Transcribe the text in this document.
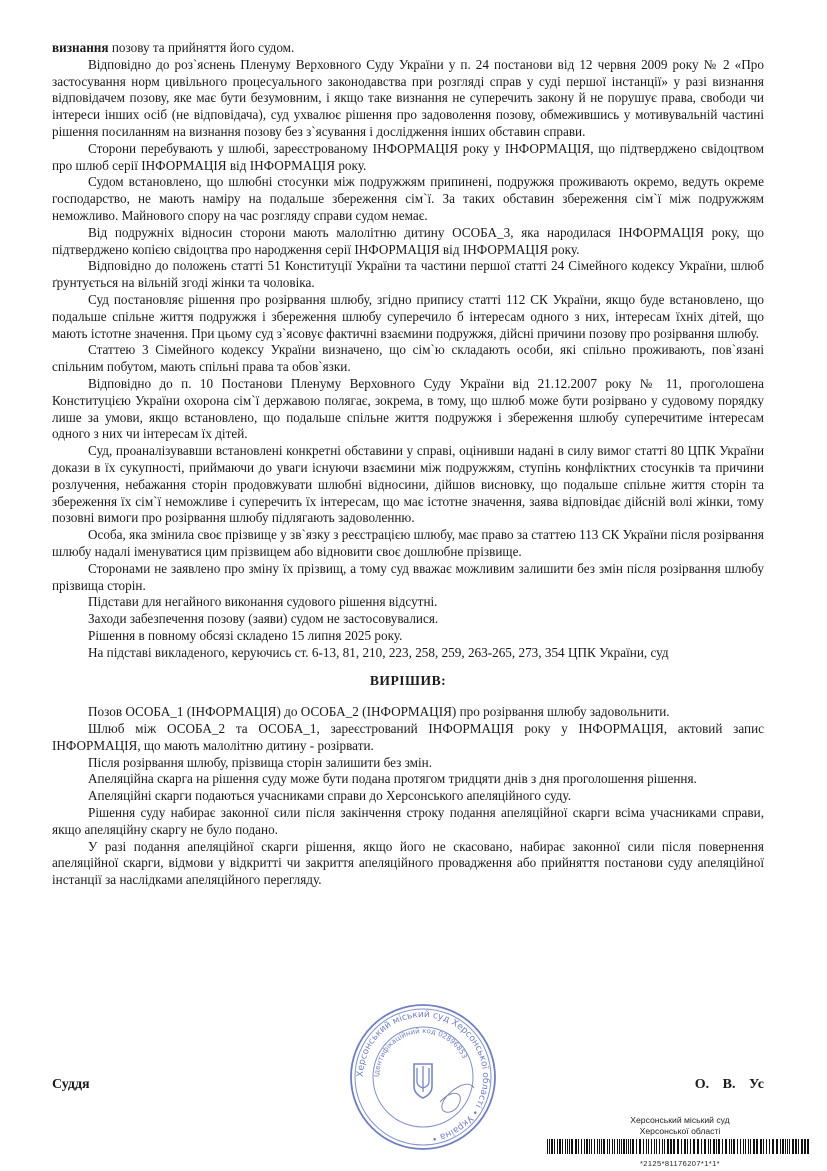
визнання позову та прийняття його судом.

Відповідно до роз`яснень Пленуму Верховного Суду України у п. 24 постанови від 12 червня 2009 року № 2 «Про застосування норм цивільного процесуального законодавства при розгляді справ у суді першої інстанції» у разі визнання відповідачем позову, яке має бути безумовним, і якщо таке визнання не суперечить закону й не порушує права, свободи чи інтереси інших осіб (не відповідача), суд ухвалює рішення про задоволення позову, обмежившись у мотивувальній частині рішення посиланням на визнання позову без з`ясування і дослідження інших обставин справи.

Сторони перебувають у шлюбі, зареєстрованому ІНФОРМАЦІЯ року у ІНФОРМАЦІЯ, що підтверджено свідоцтвом про шлюб серії ІНФОРМАЦІЯ від ІНФОРМАЦІЯ року.

Судом встановлено, що шлюбні стосунки між подружжям припинені, подружжя проживають окремо, ведуть окреме господарство, не мають наміру на подальше збереження сім`ї. За таких обставин збереження сім`ї між подружжям неможливо. Майнового спору на час розгляду справи судом немає.

Від подружніх відносин сторони мають малолітню дитину ОСОБА_3, яка народилася ІНФОРМАЦІЯ року, що підтверджено копією свідоцтва про народження серії ІНФОРМАЦІЯ від ІНФОРМАЦІЯ року.

Відповідно до положень статті 51 Конституції України та частини першої статті 24 Сімейного кодексу України, шлюб ґрунтується на вільній згоді жінки та чоловіка.

Суд постановляє рішення про розірвання шлюбу, згідно припису статті 112 СК України, якщо буде встановлено, що подальше спільне життя подружжя і збереження шлюбу суперечило б інтересам одного з них, інтересам їхніх дітей, що мають істотне значення. При цьому суд з`ясовує фактичні взаємини подружжя, дійсні причини позову про розірвання шлюбу.

Статтею 3 Сімейного кодексу України визначено, що сім`ю складають особи, які спільно проживають, пов`язані спільним побутом, мають спільні права та обов`язки.

Відповідно до п. 10 Постанови Пленуму Верховного Суду України від 21.12.2007 року № 11, проголошена Конституцією України охорона сім`ї державою полягає, зокрема, в тому, що шлюб може бути розірвано у судовому порядку лише за умови, якщо встановлено, що подальше спільне життя подружжя і збереження шлюбу суперечитиме інтересам одного з них чи інтересам їх дітей.

Суд, проаналізувавши встановлені конкретні обставини у справі, оцінивши надані в силу вимог статті 80 ЦПК України докази в їх сукупності, приймаючи до уваги існуючи взаємини між подружжям, ступінь конфліктних стосунків та причини розлучення, небажання сторін продовжувати шлюбні відносини, дійшов висновку, що подальше спільне життя сторін та збереження їх сім`ї неможливе і суперечить їх інтересам, що має істотне значення, заява відповідає дійсній волі жінки, тому позовні вимоги про розірвання шлюбу підлягають задоволенню.

Особа, яка змінила своє прізвище у зв`язку з реєстрацією шлюбу, має право за статтею 113 СК України після розірвання шлюбу надалі іменуватися цим прізвищем або відновити своє дошлюбне прізвище.

Сторонами не заявлено про зміну їх прізвищ, а тому суд вважає можливим залишити без змін після розірвання шлюбу прізвища сторін.

Підстави для негайного виконання судового рішення відсутні.

Заходи забезпечення позову (заяви) судом не застосовувалися.

Рішення в повному обсязі складено 15 липня 2025 року.

На підставі викладеного, керуючись ст. 6-13, 81, 210, 223, 258, 259, 263-265, 273, 354 ЦПК України, суд

ВИРІШИВ:

Позов ОСОБА_1 (ІНФОРМАЦІЯ) до ОСОБА_2 (ІНФОРМАЦІЯ) про розірвання шлюбу задовольнити.

Шлюб між ОСОБА_2 та ОСОБА_1, зареєстрований ІНФОРМАЦІЯ року у ІНФОРМАЦІЯ, актовий запис ІНФОРМАЦІЯ, що мають малолітню дитину - розірвати.

Після розірвання шлюбу, прізвища сторін залишити без змін.

Апеляційна скарга на рішення суду може бути подана протягом тридцяти днів з дня проголошення рішення.

Апеляційні скарги подаються учасниками справи до Херсонського апеляційного суду.

Рішення суду набирає законної сили після закінчення строку подання апеляційної скарги всіма учасниками справи, якщо апеляційну скаргу не було подано.

У разі подання апеляційної скарги рішення, якщо його не скасовано, набирає законної сили після повернення апеляційної скарги, відмови у відкритті чи закриття апеляційного провадження або прийняття постанови суду апеляційної інстанції за наслідками апеляційного перегляду.

Суддя	О. В. Ус
Херсонський міський суд Херсонської області • Україна •
Ідентифікаційний код 02896853
Херсонський міський суд
Херсонської області
*2125*81176207*1*1*
